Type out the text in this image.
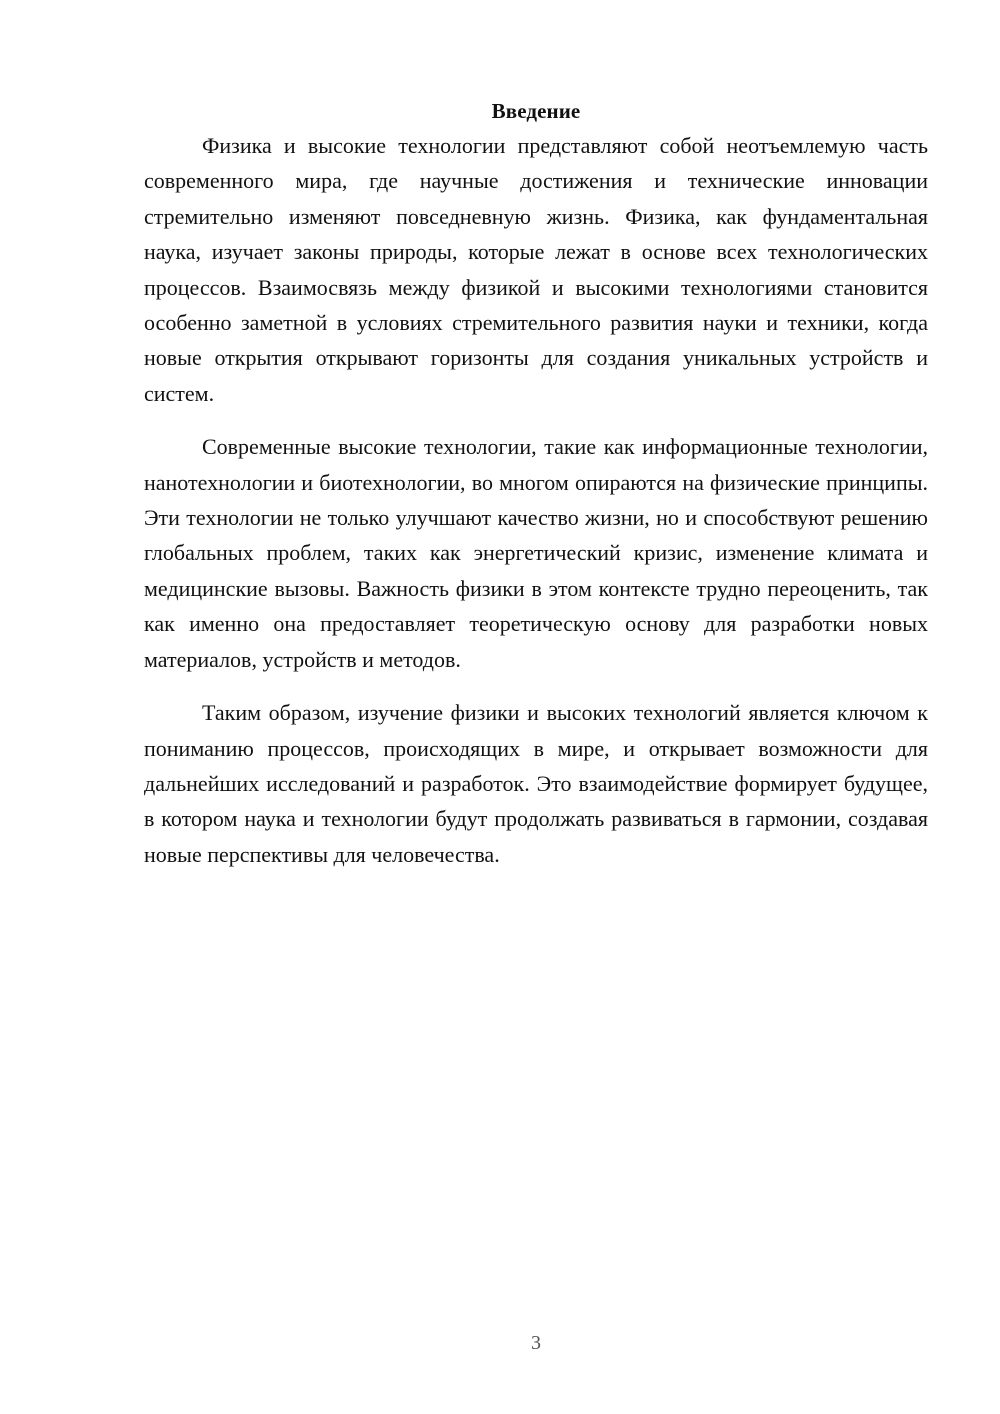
Введение

Физика и высокие технологии представляют собой неотъемлемую часть современного мира, где научные достижения и технические инновации стремительно изменяют повседневную жизнь. Физика, как фундаментальная наука, изучает законы природы, которые лежат в основе всех технологических процессов. Взаимосвязь между физикой и высокими технологиями становится особенно заметной в условиях стремительного развития науки и техники, когда новые открытия открывают горизонты для создания уникальных устройств и систем.

Современные высокие технологии, такие как информационные технологии, нанотехнологии и биотехнологии, во многом опираются на физические принципы. Эти технологии не только улучшают качество жизни, но и способствуют решению глобальных проблем, таких как энергетический кризис, изменение климата и медицинские вызовы. Важность физики в этом контексте трудно переоценить, так как именно она предоставляет теоретическую основу для разработки новых материалов, устройств и методов.

Таким образом, изучение физики и высоких технологий является ключом к пониманию процессов, происходящих в мире, и открывает возможности для дальнейших исследований и разработок. Это взаимодействие формирует будущее, в котором наука и технологии будут продолжать развиваться в гармонии, создавая новые перспективы для человечества.

3
